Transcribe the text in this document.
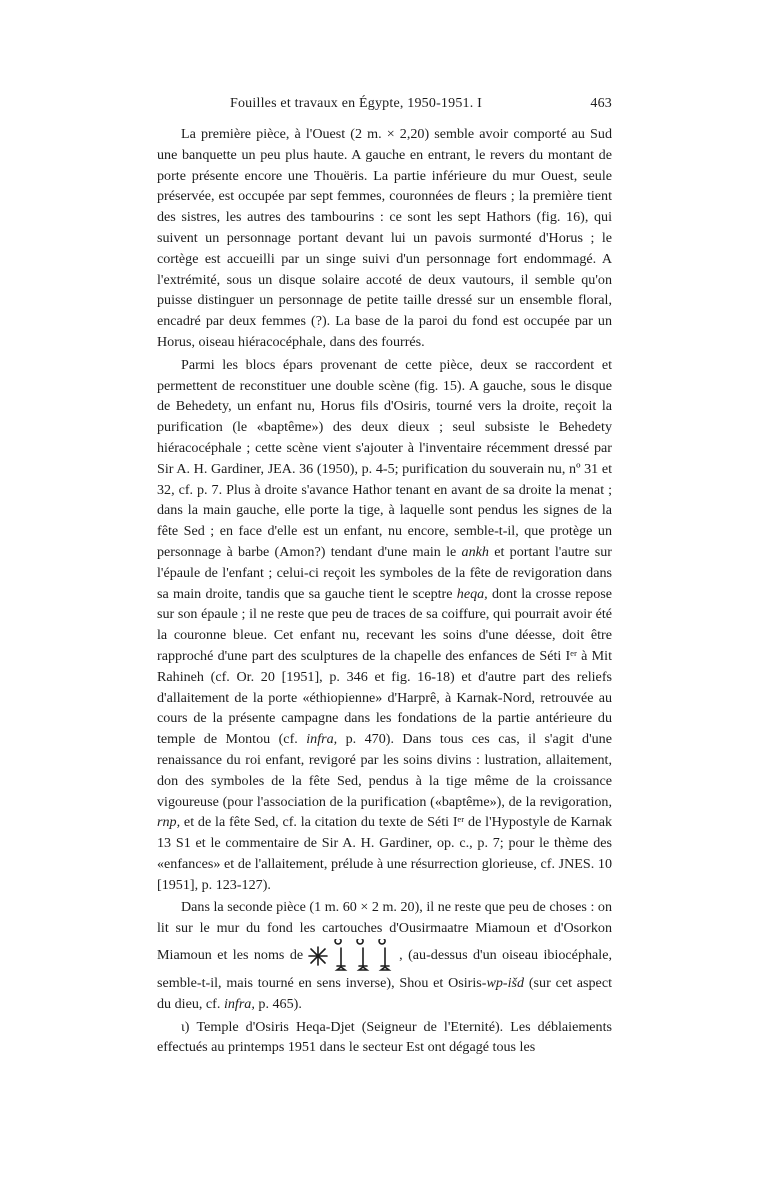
Fouilles et travaux en Égypte, 1950-1951. I	463

La première pièce, à l'Ouest (2 m. × 2,20) semble avoir comporté au Sud une banquette un peu plus haute. A gauche en entrant, le revers du montant de porte présente encore une Thouëris. La partie inférieure du mur Ouest, seule préservée, est occupée par sept femmes, couronnées de fleurs ; la première tient des sistres, les autres des tambourins : ce sont les sept Hathors (fig. 16), qui suivent un personnage portant devant lui un pavois surmonté d'Horus ; le cortège est accueilli par un singe suivi d'un personnage fort endommagé. A l'extrémité, sous un disque solaire accoté de deux vautours, il semble qu'on puisse distinguer un personnage de petite taille dressé sur un ensemble floral, encadré par deux femmes (?). La base de la paroi du fond est occupée par un Horus, oiseau hiéracocéphale, dans des fourrés.

Parmi les blocs épars provenant de cette pièce, deux se raccordent et permettent de reconstituer une double scène (fig. 15). A gauche, sous le disque de Behedety, un enfant nu, Horus fils d'Osiris, tourné vers la droite, reçoit la purification (le «baptême») des deux dieux ; seul subsiste le Behedety hiéracocéphale ; cette scène vient s'ajouter à l'inventaire récemment dressé par Sir A. H. Gardiner, JEA. 36 (1950), p. 4-5; purification du souverain nu, nº 31 et 32, cf. p. 7. Plus à droite s'avance Hathor tenant en avant de sa droite la menat ; dans la main gauche, elle porte la tige, à laquelle sont pendus les signes de la fête Sed ; en face d'elle est un enfant, nu encore, semble-t-il, que protège un personnage à barbe (Amon?) tendant d'une main le ankh et portant l'autre sur l'épaule de l'enfant ; celui-ci reçoit les symboles de la fête de revigoration dans sa main droite, tandis que sa gauche tient le sceptre heqa, dont la crosse repose sur son épaule ; il ne reste que peu de traces de sa coiffure, qui pourrait avoir été la couronne bleue. Cet enfant nu, recevant les soins d'une déesse, doit être rapproché d'une part des sculptures de la chapelle des enfances de Séti Iᵉʳ à Mit Rahineh (cf. Or. 20 [1951], p. 346 et fig. 16-18) et d'autre part des reliefs d'allaitement de la porte «éthiopienne» d'Harprê, à Karnak-Nord, retrouvée au cours de la présente campagne dans les fondations de la partie antérieure du temple de Montou (cf. infra, p. 470). Dans tous ces cas, il s'agit d'une renaissance du roi enfant, revigoré par les soins divins : lustration, allaitement, don des symboles de la fête Sed, pendus à la tige même de la croissance vigoureuse (pour l'association de la purification («baptême»), de la revigoration, rnp, et de la fête Sed, cf. la citation du texte de Séti Iᵉʳ de l'Hypostyle de Karnak 13 S1 et le commentaire de Sir A. H. Gardiner, op. c., p. 7; pour le thème des «enfances» et de l'allaitement, prélude à une résurrection glorieuse, cf. JNES. 10 [1951], p. 123-127).

Dans la seconde pièce (1 m. 60 × 2 m. 20), il ne reste que peu de choses : on lit sur le mur du fond les cartouches d'Ousirmaatre Miamoun et d'Osorkon Miamoun et les noms de	, (au-dessus d'un oiseau ibiocéphale, semble-t-il, mais tourné en sens inverse), Shou et Osiris-wp-išd (sur cet aspect du dieu, cf. infra, p. 465).

ι) Temple d'Osiris Heqa-Djet (Seigneur de l'Eternité). Les déblaiements effectués au printemps 1951 dans le secteur Est ont dégagé tous les
